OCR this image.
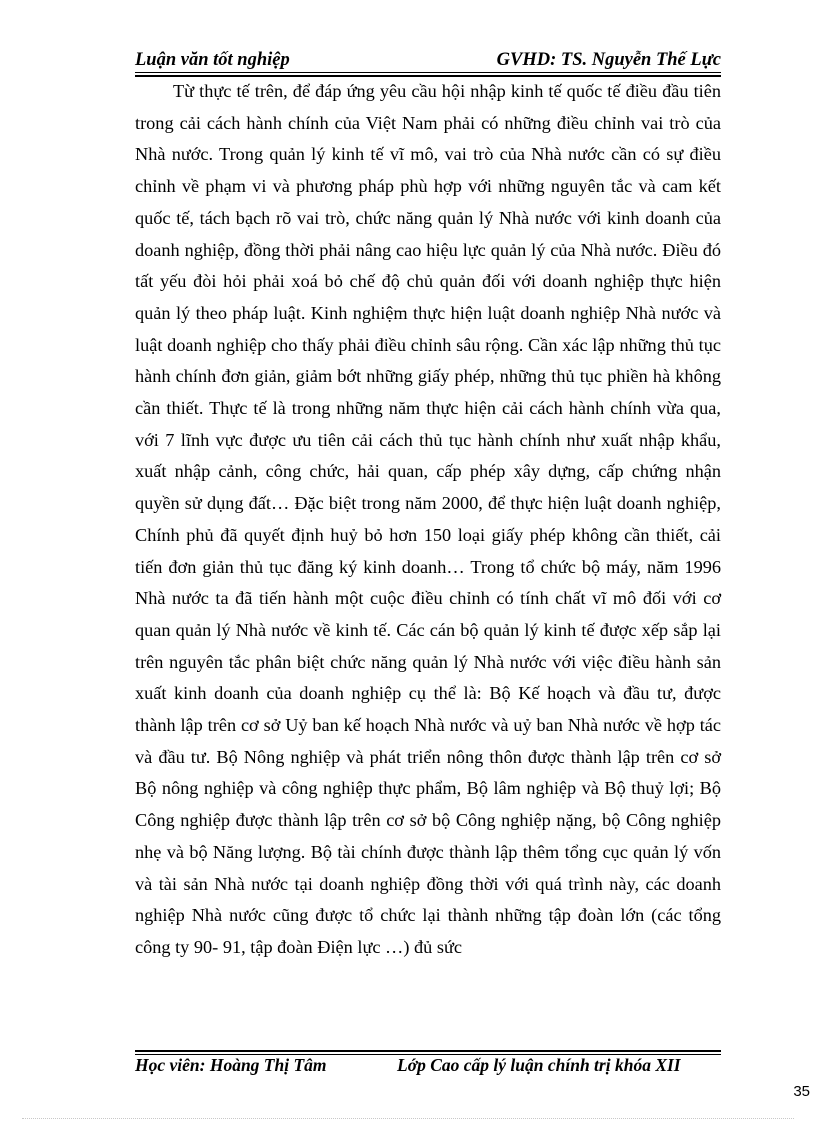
Luận văn tốt nghiệp	GVHD: TS. Nguyễn Thế Lực

Từ thực tế trên, để đáp ứng yêu cầu hội nhập kinh tế quốc tế điều đầu tiên trong cải cách hành chính của Việt Nam phải có những điều chỉnh vai trò của Nhà nước. Trong quản lý kinh tế vĩ mô, vai trò của Nhà nước cần có sự điều chỉnh về phạm vi và phương pháp phù hợp với những nguyên tắc và cam kết quốc tế, tách bạch rõ vai trò, chức năng quản lý Nhà nước với kinh doanh của doanh nghiệp, đồng thời phải nâng cao hiệu lực quản lý của Nhà nước. Điều đó tất yếu đòi hỏi phải xoá bỏ chế độ chủ quản đối với doanh nghiệp thực hiện quản lý theo pháp luật. Kinh nghiệm thực hiện luật doanh nghiệp Nhà nước và luật doanh nghiệp cho thấy phải điều chỉnh sâu rộng. Cần xác lập những thủ tục hành chính đơn giản, giảm bớt những giấy phép, những thủ tục phiền hà không cần thiết. Thực tế là trong những năm thực hiện cải cách hành chính vừa qua, với 7 lĩnh vực được ưu tiên cải cách thủ tục hành chính như xuất nhập khẩu, xuất nhập cảnh, công chức, hải quan, cấp phép xây dựng, cấp chứng nhận quyền sử dụng đất… Đặc biệt trong năm 2000, để thực hiện luật doanh nghiệp, Chính phủ đã quyết định huỷ bỏ hơn 150 loại giấy phép không cần thiết, cải tiến đơn giản thủ tục đăng ký kinh doanh… Trong tổ chức bộ máy, năm 1996 Nhà nước ta đã tiến hành một cuộc điều chỉnh có tính chất vĩ mô đối với cơ quan quản lý Nhà nước về kinh tế. Các cán bộ quản lý kinh tế được xếp sắp lại trên nguyên tắc phân biệt chức năng quản lý Nhà nước với việc điều hành sản xuất kinh doanh của doanh nghiệp cụ thể là: Bộ Kế hoạch và đầu tư, được thành lập trên cơ sở Uỷ ban kế hoạch Nhà nước và uỷ ban Nhà nước về hợp tác và đầu tư. Bộ Nông nghiệp và phát triển nông thôn được thành lập trên cơ sở Bộ nông nghiệp và công nghiệp thực phẩm, Bộ lâm nghiệp và Bộ thuỷ lợi; Bộ Công nghiệp được thành lập trên cơ sở bộ Công nghiệp nặng, bộ Công nghiệp nhẹ và bộ Năng lượng. Bộ tài chính được thành lập thêm tổng cục quản lý vốn và tài sản Nhà nước tại doanh nghiệp đồng thời với quá trình này, các doanh nghiệp Nhà nước cũng được tổ chức lại thành những tập đoàn lớn (các tổng công ty 90- 91, tập đoàn Điện lực …) đủ sức

Học viên: Hoàng Thị Tâm	Lớp Cao cấp lý luận chính trị khóa XII
35
